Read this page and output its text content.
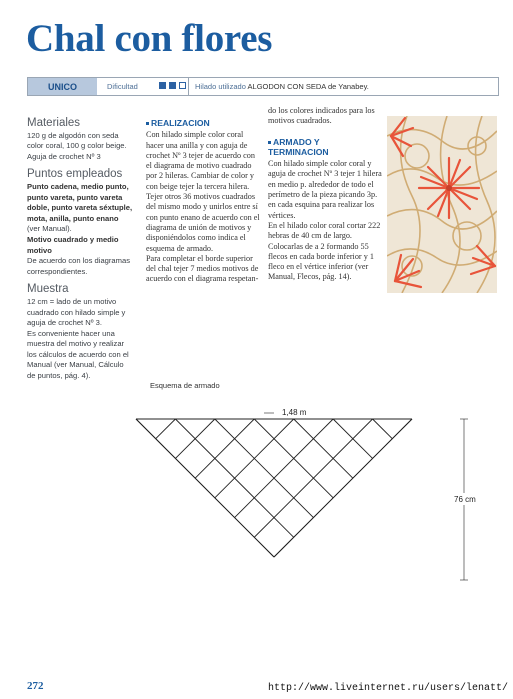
Chal con flores
UNICO	Dificultad	Hilado utilizado ALGODON CON SEDA de Yanabey.
Materiales

120 g de algodón con seda color coral, 100 g color beige. Aguja de crochet Nº 3

Puntos empleados

Punto cadena, medio punto, punto vareta, punto vareta doble, punto vareta séxtuple, mota, anilla, punto enano (ver Manual).

Motivo cuadrado y medio motivo

De acuerdo con los diagramas correspondientes.

Muestra

12 cm = lado de un motivo cuadrado con hilado simple y aguja de crochet Nº 3.

Es conveniente hacer una muestra del motivo y realizar los cálculos de acuerdo con el Manual (ver Manual, Cálculo de puntos, pág. 4).

REALIZACION

Con hilado simple color coral hacer una anilla y con aguja de crochet Nº 3 tejer de acuerdo con el diagrama de motivo cuadrado por 2 hileras. Cambiar de color y con beige tejer la tercera hilera.

Tejer otros 36 motivos cuadrados del mismo modo y unirlos entre sí con punto enano de acuerdo con el diagrama de unión de motivos y disponiéndolos como indica el esquema de armado.

Para completar el borde superior del chal tejer 7 medios motivos de acuerdo con el diagrama respetan-

do los colores indicados para los motivos cuadrados.

ARMADO Y TERMINACION

Con hilado simple color coral y aguja de crochet Nº 3 tejer 1 hilera en medio p. alrededor de todo el perímetro de la pieza picando 3p. en cada esquina para realizar los vértices.

En el hilado color coral cortar 222 hebras de 40 cm de largo. Colocarlas de a 2 formando 55 flecos en cada borde inferior y 1 fleco en el vértice inferior (ver Manual, Flecos, pág. 14).

Esquema de armado
1,48 m
76 cm
272	http://www.liveinternet.ru/users/lenatt/
